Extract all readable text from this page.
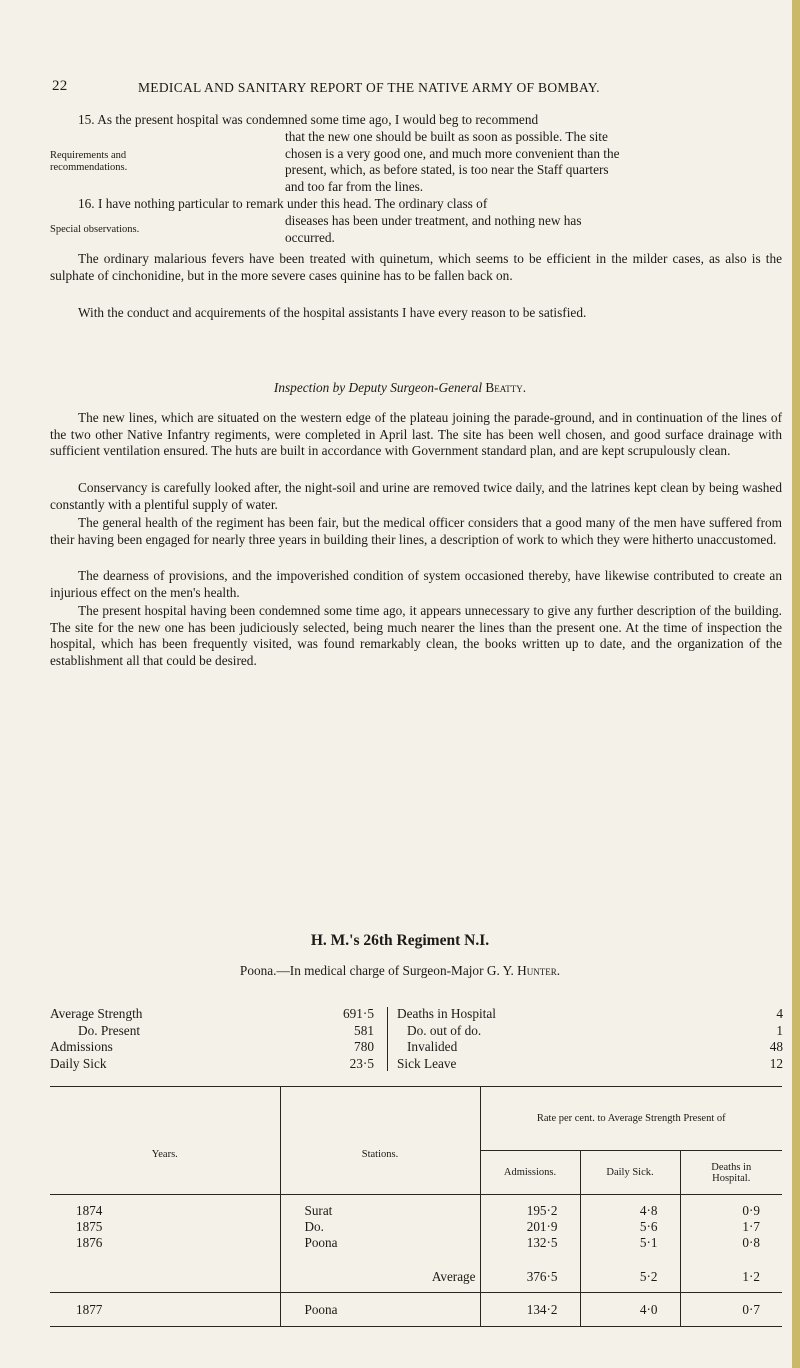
22	MEDICAL AND SANITARY REPORT OF THE NATIVE ARMY OF BOMBAY.
15. As the present hospital was condemned some time ago, I would beg to recommend
Requirements and recommendations.
that the new one should be built as soon as possible. The site
chosen is a very good one, and much more convenient than the
present, which, as before stated, is too near the Staff quarters
and too far from the lines.
16. I have nothing particular to remark under this head. The ordinary class of
Special observations.
diseases has been under treatment, and nothing new has
occurred.
The ordinary malarious fevers have been treated with quinetum, which seems to be efficient in the milder cases, as also is the sulphate of cinchonidine, but in the more severe cases quinine has to be fallen back on.
With the conduct and acquirements of the hospital assistants I have every reason to be satisfied.
Inspection by Deputy Surgeon-General Beatty.
The new lines, which are situated on the western edge of the plateau joining the parade-ground, and in continuation of the lines of the two other Native Infantry regiments, were completed in April last. The site has been well chosen, and good surface drainage with sufficient ventilation ensured. The huts are built in accordance with Government standard plan, and are kept scrupulously clean.
Conservancy is carefully looked after, the night-soil and urine are removed twice daily, and the latrines kept clean by being washed constantly with a plentiful supply of water.
The general health of the regiment has been fair, but the medical officer considers that a good many of the men have suffered from their having been engaged for nearly three years in building their lines, a description of work to which they were hitherto unaccustomed.
The dearness of provisions, and the impoverished condition of system occasioned thereby, have likewise contributed to create an injurious effect on the men's health.
The present hospital having been condemned some time ago, it appears unnecessary to give any further description of the building. The site for the new one has been judiciously selected, being much nearer the lines than the present one. At the time of inspection the hospital, which has been frequently visited, was found remarkably clean, the books written up to date, and the organization of the establishment all that could be desired.
H. M.'s 26th Regiment N.I.
Poona.—In medical charge of Surgeon-Major G. Y. Hunter.
Average Strength	691·5
Do. Present	581
Admissions	780
Daily Sick	23·5
Deaths in Hospital	4
Do. out of do.	1
Invalided	48
Sick Leave	12
Years.	Stations.	Rate per cent. to Average Strength Present of		
		Admissions.	Daily Sick.	Deaths in Hospital.

1874	Surat	195·2	4·8	0·9
1875	Do.	201·9	5·6	1·7
1876	Poona	132·5	5·1	0·8

	Average	376·5	5·2	1·2
1877	Poona	134·2	4·0	0·7
